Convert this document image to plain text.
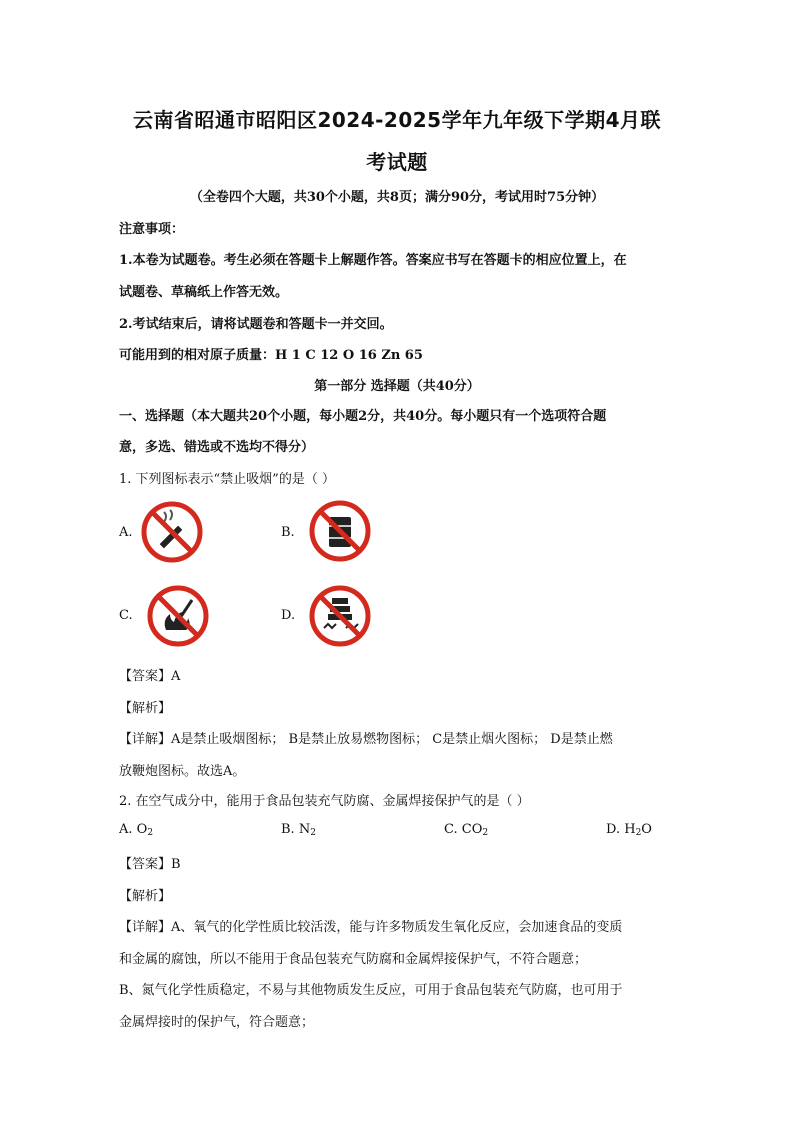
云南省昭通市昭阳区2024-2025学年九年级下学期4月联
考试题
（全卷四个大题，共30个小题，共8页；满分90分，考试用时75分钟）
注意事项：
1.本卷为试题卷。考生必须在答题卡上解题作答。答案应书写在答题卡的相应位置上，在
试题卷、草稿纸上作答无效。
2.考试结束后，请将试题卷和答题卡一并交回。
可能用到的相对原子质量：H 1 C 12 O 16 Zn 65
第一部分 选择题（共40分）
一、选择题（本大题共20个小题，每小题2分，共40分。每小题只有一个选项符合题
意，多选、错选或不选均不得分）
1. 下列图标表示“禁止吸烟”的是（ ）
A.	B.
C.	D.
【答案】A
【解析】
【详解】A是禁止吸烟图标； B是禁止放易燃物图标； C是禁止烟火图标； D是禁止燃
放鞭炮图标。故选A。
2. 在空气成分中，能用于食品包装充气防腐、金属焊接保护气的是（ ）
A. $O_2$	B. $N_2$	C. $CO_2$	D. $H_2O$
【答案】B
【解析】
【详解】A、氧气的化学性质比较活泼，能与许多物质发生氧化反应，会加速食品的变质
和金属的腐蚀，所以不能用于食品包装充气防腐和金属焊接保护气，不符合题意；
B、氮气化学性质稳定，不易与其他物质发生反应，可用于食品包装充气防腐，也可用于
金属焊接时的保护气，符合题意；
